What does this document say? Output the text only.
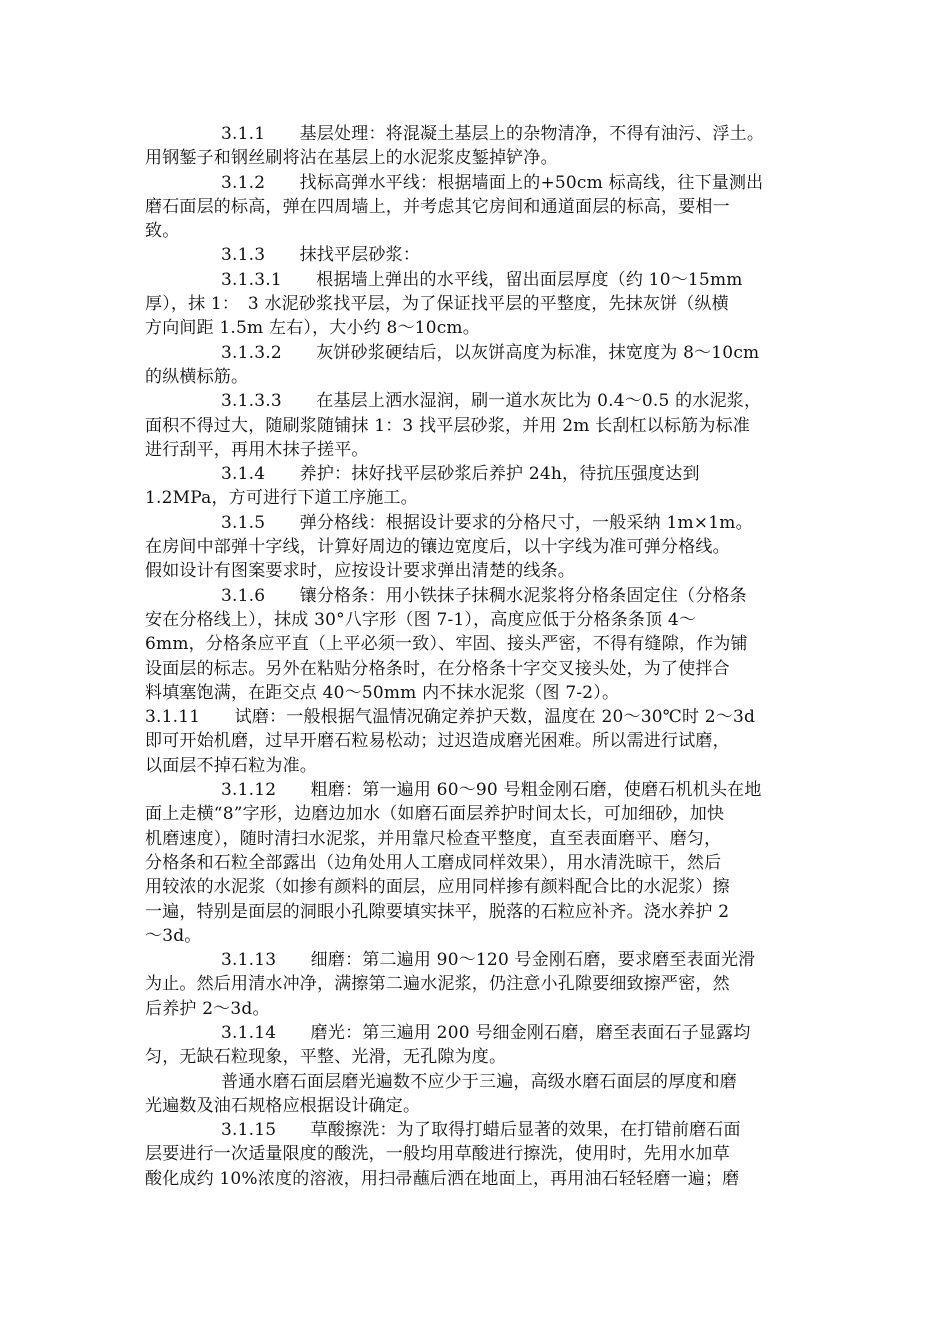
3.1.1　　基层处理：将混凝土基层上的杂物清净，不得有油污、浮土。
用钢錾子和钢丝刷将沾在基层上的水泥浆皮錾掉铲净。
3.1.2　　找标高弹水平线：根据墙面上的+50cm 标高线，往下量测出
磨石面层的标高，弹在四周墙上，并考虑其它房间和通道面层的标高，要相一
致。
3.1.3　　抹找平层砂浆：
3.1.3.1　　根据墙上弹出的水平线，留出面层厚度（约 10～15mm
厚），抹 1：　3 水泥砂浆找平层，为了保证找平层的平整度，先抹灰饼（纵横
方向间距 1.5m 左右），大小约 8～10cm。
3.1.3.2　　灰饼砂浆硬结后，以灰饼高度为标准，抹宽度为 8～10cm
的纵横标筋。
3.1.3.3　　在基层上洒水湿润，刷一道水灰比为 0.4～0.5 的水泥浆，
面积不得过大，随刷浆随铺抹 1：3 找平层砂浆，并用 2m 长刮杠以标筋为标准
进行刮平，再用木抹子搓平。
3.1.4　　养护：抹好找平层砂浆后养护 24h，待抗压强度达到
1.2MPa，方可进行下道工序施工。
3.1.5　　弹分格线：根据设计要求的分格尺寸，一般采纳 1m×1m。
在房间中部弹十字线，计算好周边的镶边宽度后，以十字线为准可弹分格线。
假如设计有图案要求时，应按设计要求弹出清楚的线条。
3.1.6　　镶分格条：用小铁抹子抹稠水泥浆将分格条固定住（分格条
安在分格线上），抹成 30°八字形（图 7-1），高度应低于分格条条顶 4～
6mm，分格条应平直（上平必须一致）、牢固、接头严密，不得有缝隙，作为铺
设面层的标志。另外在粘贴分格条时，在分格条十字交叉接头处，为了使拌合
料填塞饱满，在距交点 40～50mm 内不抹水泥浆（图 7-2）。
3.1.11　　试磨：一般根据气温情况确定养护天数，温度在 20～30℃时 2～3d
即可开始机磨，过早开磨石粒易松动；过迟造成磨光困难。所以需进行试磨，
以面层不掉石粒为准。
3.1.12　　粗磨：第一遍用 60～90 号粗金刚石磨，使磨石机机头在地
面上走横“8”字形，边磨边加水（如磨石面层养护时间太长，可加细砂，加快
机磨速度），随时清扫水泥浆，并用靠尺检查平整度，直至表面磨平、磨匀，
分格条和石粒全部露出（边角处用人工磨成同样效果），用水清洗晾干，然后
用较浓的水泥浆（如掺有颜料的面层，应用同样掺有颜料配合比的水泥浆）擦
一遍，特别是面层的洞眼小孔隙要填实抹平，脱落的石粒应补齐。浇水养护 2
～3d。
3.1.13　　细磨：第二遍用 90～120 号金刚石磨，要求磨至表面光滑
为止。然后用清水冲净，满擦第二遍水泥浆，仍注意小孔隙要细致擦严密，然
后养护 2～3d。
3.1.14　　磨光：第三遍用 200 号细金刚石磨，磨至表面石子显露均
匀，无缺石粒现象，平整、光滑，无孔隙为度。
普通水磨石面层磨光遍数不应少于三遍，高级水磨石面层的厚度和磨
光遍数及油石规格应根据设计确定。
3.1.15　　草酸擦洗：为了取得打蜡后显著的效果，在打错前磨石面
层要进行一次适量限度的酸洗，一般均用草酸进行擦洗，使用时，先用水加草
酸化成约 10%浓度的溶液，用扫帚蘸后洒在地面上，再用油石轻轻磨一遍；磨
